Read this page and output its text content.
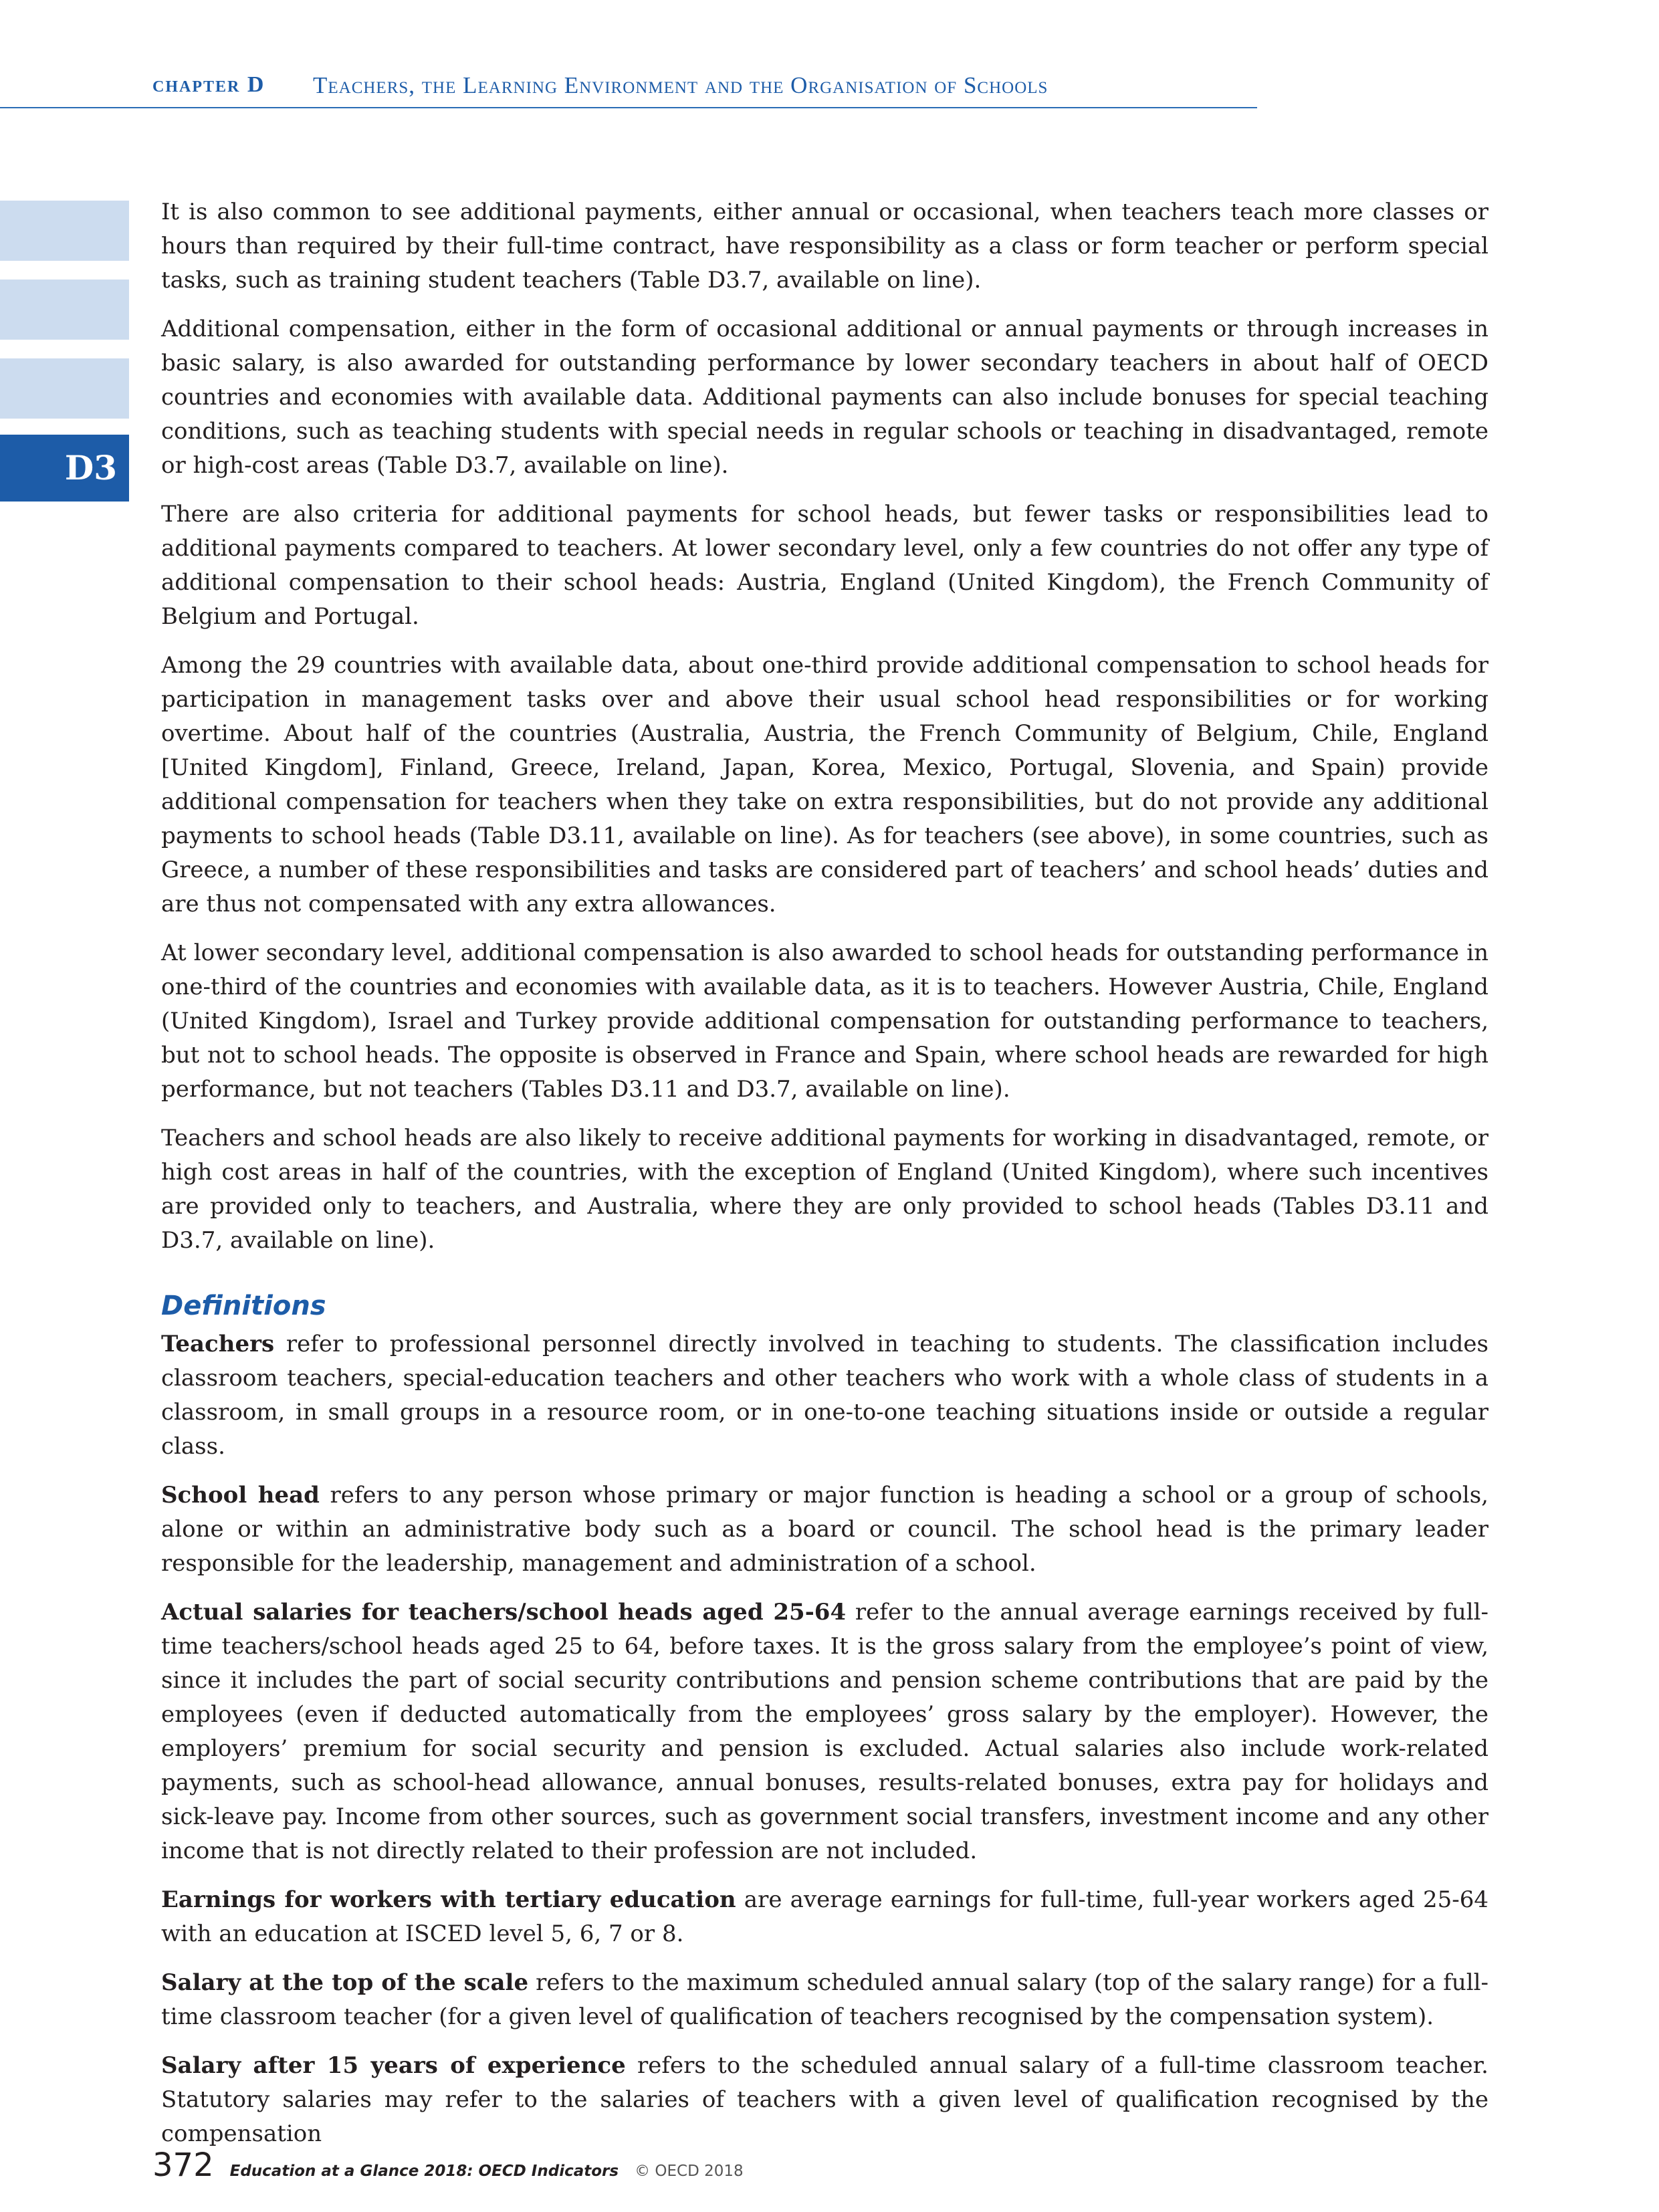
chapter D Teachers, the Learning Environment and the Organisation of Schools
D3

It is also common to see additional payments, either annual or occasional, when teachers teach more classes or hours than required by their full-time contract, have responsibility as a class or form teacher or perform special tasks, such as training student teachers (Table D3.7, available on line).

Additional compensation, either in the form of occasional additional or annual payments or through increases in basic salary, is also awarded for outstanding performance by lower secondary teachers in about half of OECD countries and economies with available data. Additional payments can also include bonuses for special teaching conditions, such as teaching students with special needs in regular schools or teaching in disadvantaged, remote or high-cost areas (Table D3.7, available on line).

There are also criteria for additional payments for school heads, but fewer tasks or responsibilities lead to additional payments compared to teachers. At lower secondary level, only a few countries do not offer any type of additional compensation to their school heads: Austria, England (United Kingdom), the French Community of Belgium and Portugal.

Among the 29 countries with available data, about one-third provide additional compensation to school heads for participation in management tasks over and above their usual school head responsibilities or for working overtime. About half of the countries (Australia, Austria, the French Community of Belgium, Chile, England [United Kingdom], Finland, Greece, Ireland, Japan, Korea, Mexico, Portugal, Slovenia, and Spain) provide additional compensation for teachers when they take on extra responsibilities, but do not provide any additional payments to school heads (Table D3.11, available on line). As for teachers (see above), in some countries, such as Greece, a number of these responsibilities and tasks are considered part of teachers’ and school heads’ duties and are thus not compensated with any extra allowances.

At lower secondary level, additional compensation is also awarded to school heads for outstanding performance in one-third of the countries and economies with available data, as it is to teachers. However Austria, Chile, England (United Kingdom), Israel and Turkey provide additional compensation for outstanding performance to teachers, but not to school heads. The opposite is observed in France and Spain, where school heads are rewarded for high performance, but not teachers (Tables D3.11 and D3.7, available on line).

Teachers and school heads are also likely to receive additional payments for working in disadvantaged, remote, or high cost areas in half of the countries, with the exception of England (United Kingdom), where such incentives are provided only to teachers, and Australia, where they are only provided to school heads (Tables D3.11 and D3.7, available on line).

Definitions

Teachers refer to professional personnel directly involved in teaching to students. The classification includes classroom teachers, special-education teachers and other teachers who work with a whole class of students in a classroom, in small groups in a resource room, or in one-to-one teaching situations inside or outside a regular class.

School head refers to any person whose primary or major function is heading a school or a group of schools, alone or within an administrative body such as a board or council. The school head is the primary leader responsible for the leadership, management and administration of a school.

Actual salaries for teachers/school heads aged 25-64 refer to the annual average earnings received by full-time teachers/school heads aged 25 to 64, before taxes. It is the gross salary from the employee’s point of view, since it includes the part of social security contributions and pension scheme contributions that are paid by the employees (even if deducted automatically from the employees’ gross salary by the employer). However, the employers’ premium for social security and pension is excluded. Actual salaries also include work-related payments, such as school-head allowance, annual bonuses, results-related bonuses, extra pay for holidays and sick-leave pay. Income from other sources, such as government social transfers, investment income and any other income that is not directly related to their profession are not included.

Earnings for workers with tertiary education are average earnings for full-time, full-year workers aged 25-64 with an education at ISCED level 5, 6, 7 or 8.

Salary at the top of the scale refers to the maximum scheduled annual salary (top of the salary range) for a full-time classroom teacher (for a given level of qualification of teachers recognised by the compensation system).

Salary after 15 years of experience refers to the scheduled annual salary of a full-time classroom teacher. Statutory salaries may refer to the salaries of teachers with a given level of qualification recognised by the compensation

372 Education at a Glance 2018: OECD Indicators © OECD 2018
